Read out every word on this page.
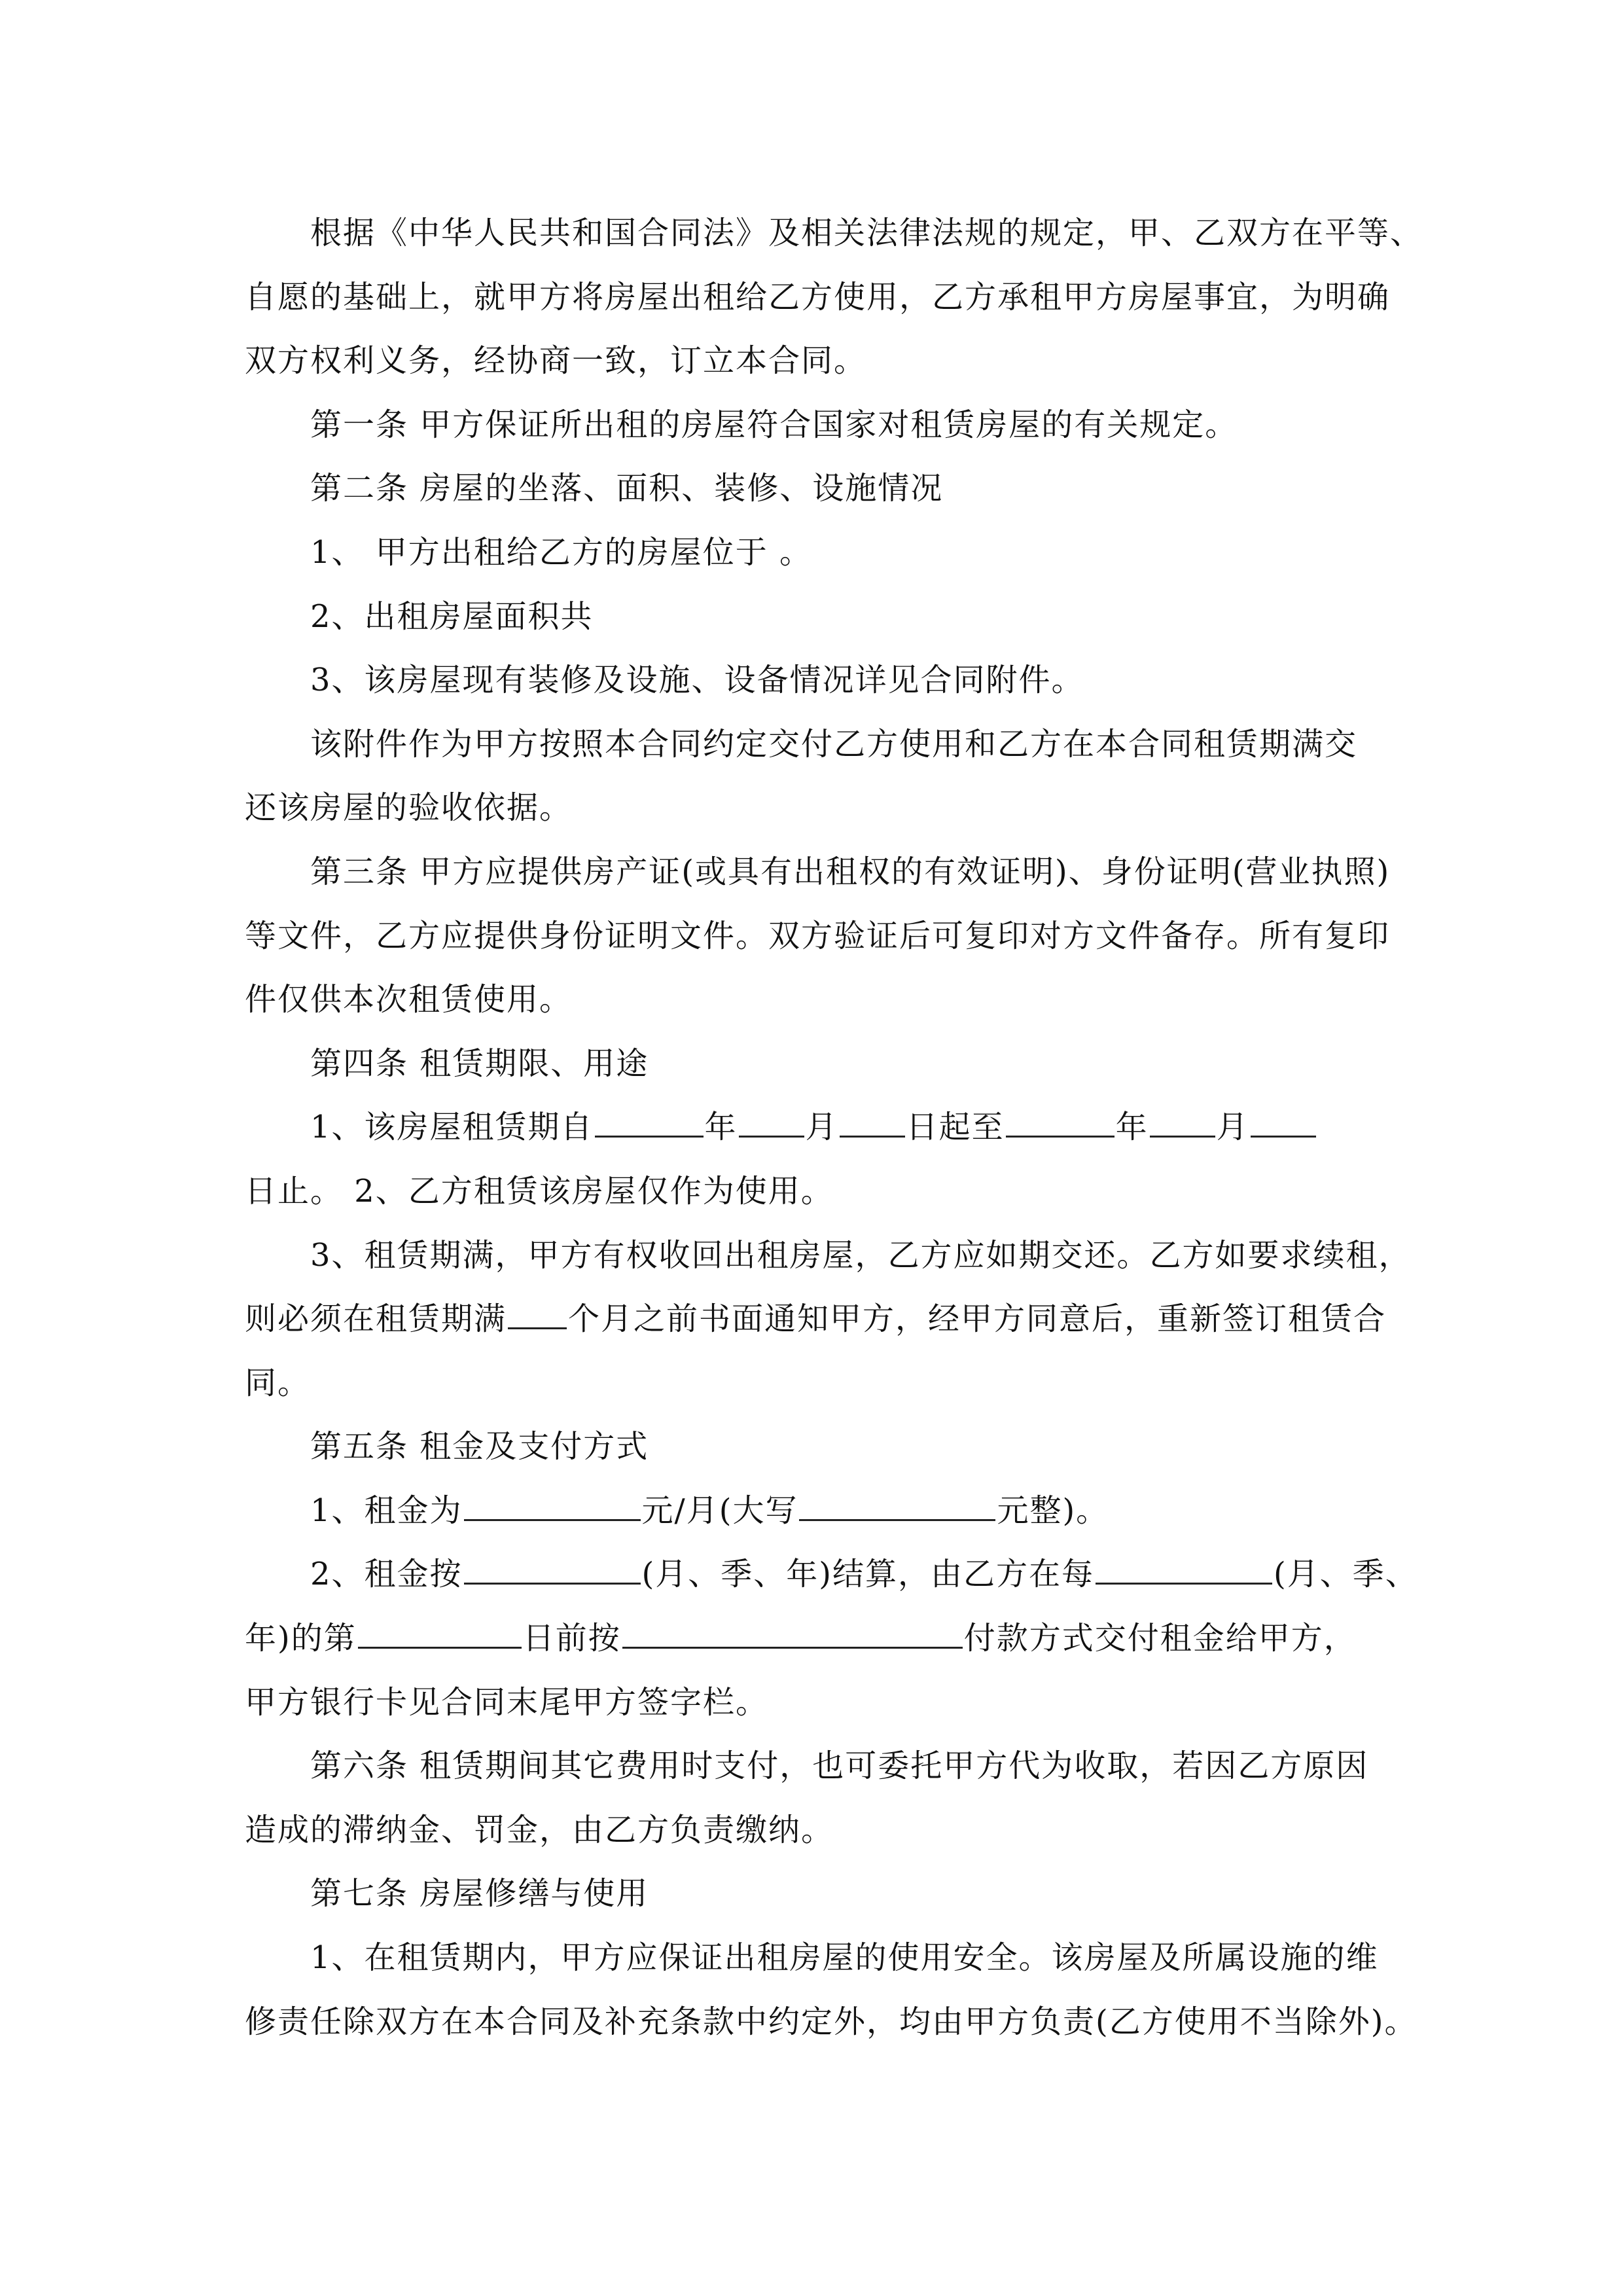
根据《中华人民共和国合同法》及相关法律法规的规定，甲、乙双方在平等、
自愿的基础上，就甲方将房屋出租给乙方使用，乙方承租甲方房屋事宜，为明确
双方权利义务，经协商一致，订立本合同。
第一条 甲方保证所出租的房屋符合国家对租赁房屋的有关规定。
第二条 房屋的坐落、面积、装修、设施情况
1、 甲方出租给乙方的房屋位于 。
2、出租房屋面积共
3、该房屋现有装修及设施、设备情况详见合同附件。
该附件作为甲方按照本合同约定交付乙方使用和乙方在本合同租赁期满交
还该房屋的验收依据。
第三条 甲方应提供房产证(或具有出租权的有效证明)、身份证明(营业执照)
等文件，乙方应提供身份证明文件。双方验证后可复印对方文件备存。所有复印
件仅供本次租赁使用。
第四条 租赁期限、用途
1、该房屋租赁期自	年 月 日起至	年 月
日止。 2、乙方租赁该房屋仅作为使用。
3、租赁期满，甲方有权收回出租房屋，乙方应如期交还。乙方如要求续租，
则必须在租赁期满 个月之前书面通知甲方，经甲方同意后，重新签订租赁合
同。
第五条 租金及支付方式
1、租金为	元/月(大写	元整)。
2、租金按	(月、季、年)结算，由乙方在每	(月、季、
年)的第	日前按	付款方式交付租金给甲方，
甲方银行卡见合同末尾甲方签字栏。
第六条 租赁期间其它费用时支付，也可委托甲方代为收取，若因乙方原因
造成的滞纳金、罚金，由乙方负责缴纳。
第七条 房屋修缮与使用
1、在租赁期内，甲方应保证出租房屋的使用安全。该房屋及所属设施的维
修责任除双方在本合同及补充条款中约定外，均由甲方负责(乙方使用不当除外)。
